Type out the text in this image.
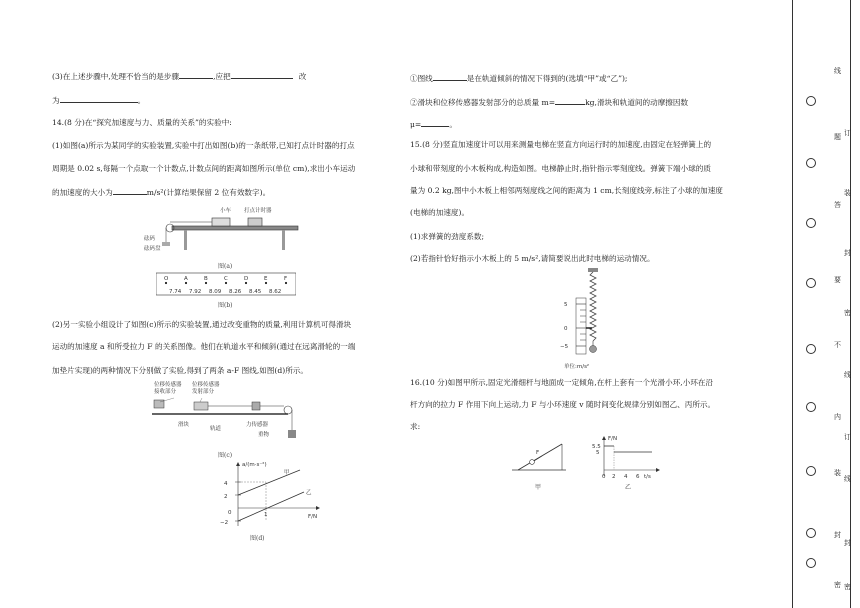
(3)在上述步骤中,处理不恰当的是步骤	,应把	改
为	。
14.(8 分)在“探究加速度与力、质量的关系”的实验中:
(1)如图(a)所示为某同学的实验装置,实验中打出如图(b)的一条纸带,已知打点计时器的打点
周期是 0.02 s,每隔一个点取一个计数点,计数点间的距离如图所示(单位 cm),求出小车运动
的加速度的大小为	m/s²(计算结果保留 2 位有效数字)。
小车 打点计时器
砝码
砝码盘
图(a)
O	A	B	C	D	E	F
7.74 7.92 8.09 8.26 8.45 8.62
图(b)
(2)另一实验小组设计了如图(c)所示的实验装置,通过改变重物的质量,利用计算机可得滑块
运动的加速度 a 和所受拉力 F 的关系图像。他们在轨道水平和倾斜(通过在远离滑轮的一端
加垫片实现)的两种情况下分别做了实验,得到了两条 a-F 图线,如图(d)所示。
位移传感器
接收部分
位移传感器
发射部分
滑块
轨道
力传感器
重物
图(c)
4
2
0
−2
1
a/(m·s⁻²)
F/N
甲
乙
图(d)
①图线	是在轨道倾斜的情况下得到的(选填“甲”或“乙”);
②滑块和位移传感器发射部分的总质量 m=	kg,滑块和轨道间的动摩擦因数
μ=	。
15.(8 分)竖直加速度计可以用来测量电梯在竖直方向运行时的加速度,由固定在轻弹簧上的
小球和带刻度的小木板构成,构造如图。电梯静止时,指针指示零刻度线。弹簧下端小球的质
量为 0.2 kg,图中小木板上相邻两刻度线之间的距离为 1 cm,长刻度线旁,标注了小球的加速度
(电梯的加速度)。
(1)求弹簧的劲度系数;
(2)若指针恰好指示小木板上的 5 m/s²,请简要说出此时电梯的运动情况。
5
0
−5
单位:m/s²
16.(10 分)如图甲所示,固定光滑细杆与地面成一定倾角,在杆上套有一个光滑小环,小环在沿
杆方向的拉力 F 作用下向上运动,力 F 与小环速度 v 随时间变化规律分别如图乙、丙所示。
求:
F
甲
5.5
5
F/N
0 2 4 6 t/s
乙
线
订
题
装
答
封
要
密
不
线
内
订
装
线
封
封
密 密
